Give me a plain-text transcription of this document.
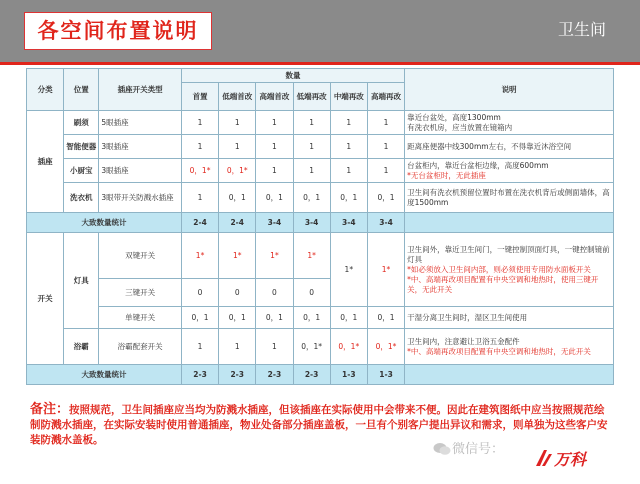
各空间布置说明	卫生间
分类	位置	插座开关类型	数量						说明
			首置	低端首改	高端首改	低端再改	中端再改	高端再改	
插座	刷须	5眼插座	1	1	1	1	1	1	靠近台盆处，高度1300mm
有洗衣机房，应当放置在镜箱内

	智能便器	3眼插座	1	1	1	1	1	1	距离座便器中线300mm左右，不得靠近沐浴空间
	小厨宝	3眼插座	0，1*	0，1*	1	1	1	1	台盆柜内，靠近台盆柜边缘，高度600mm
*无台盆柜时，无此插座

	洗衣机	3眼带开关防溅水插座	1	0，1	0，1	0，1	0，1	0，1	卫生间有洗衣机预留位置时布置在洗衣机背后或侧面墙体，高度1500mm
大致数量统计			2-4	2-4	3-4	3-4	3-4	3-4	
开关	灯具	双键开关	1*	1*	1*	1*	1*	1*	卫生间外，靠近卫生间门，一键控制顶面灯具，一键控制镜前灯具
*如必须放入卫生间内部，则必须使用专用防水面板开关
*中、高端再改项目配置有中央空调和地热时，使用三键开关，无此开关

		三键开关	0	0	0	0			
		单键开关	0，1	0，1	0，1	0，1	0，1	0，1	干湿分离卫生间时，湿区卫生间使用
	浴霸	浴霸配套开关	1	1	1	0，1*	0，1*	0，1*	卫生间内，注意避让卫浴五金配件
*中、高端再改项目配置有中央空调和地热时，无此开关

大致数量统计			2-3	2-3	2-3	2-3	1-3	1-3	
备注：按照规范，卫生间插座应当均为防溅水插座，但该插座在实际使用中会带来不便。因此在建筑图纸中应当按照规范绘制防溅水插座，在实际安装时使用普通插座，物业处备部分插座盖板，一旦有个别客户提出异议和需求，则单独为这些客户安装防溅水盖板。
微信号：
万科
